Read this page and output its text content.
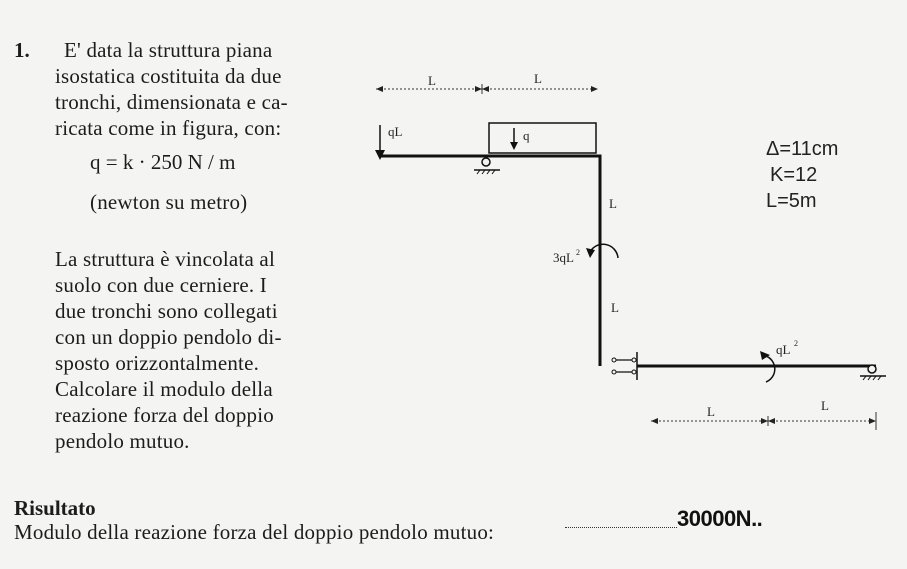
1. E' data la struttura piana
isostatica costituita da due
tronchi, dimensionata e ca-
ricata come in figura, con:
q = k · 250 N / m
(newton su metro)
La struttura è vincolata al
suolo con due cerniere. I
due tronchi sono collegati
con un doppio pendolo di-
sposto orizzontalmente.
Calcolare il modulo della
reazione forza del doppio
pendolo mutuo.
L	L
qL	q
L
L
3qL 2
qL 2
L	L
Δ=11cm
K=12
L=5m
Risultato
Modulo della reazione forza del doppio pendolo mutuo:
30000N..
